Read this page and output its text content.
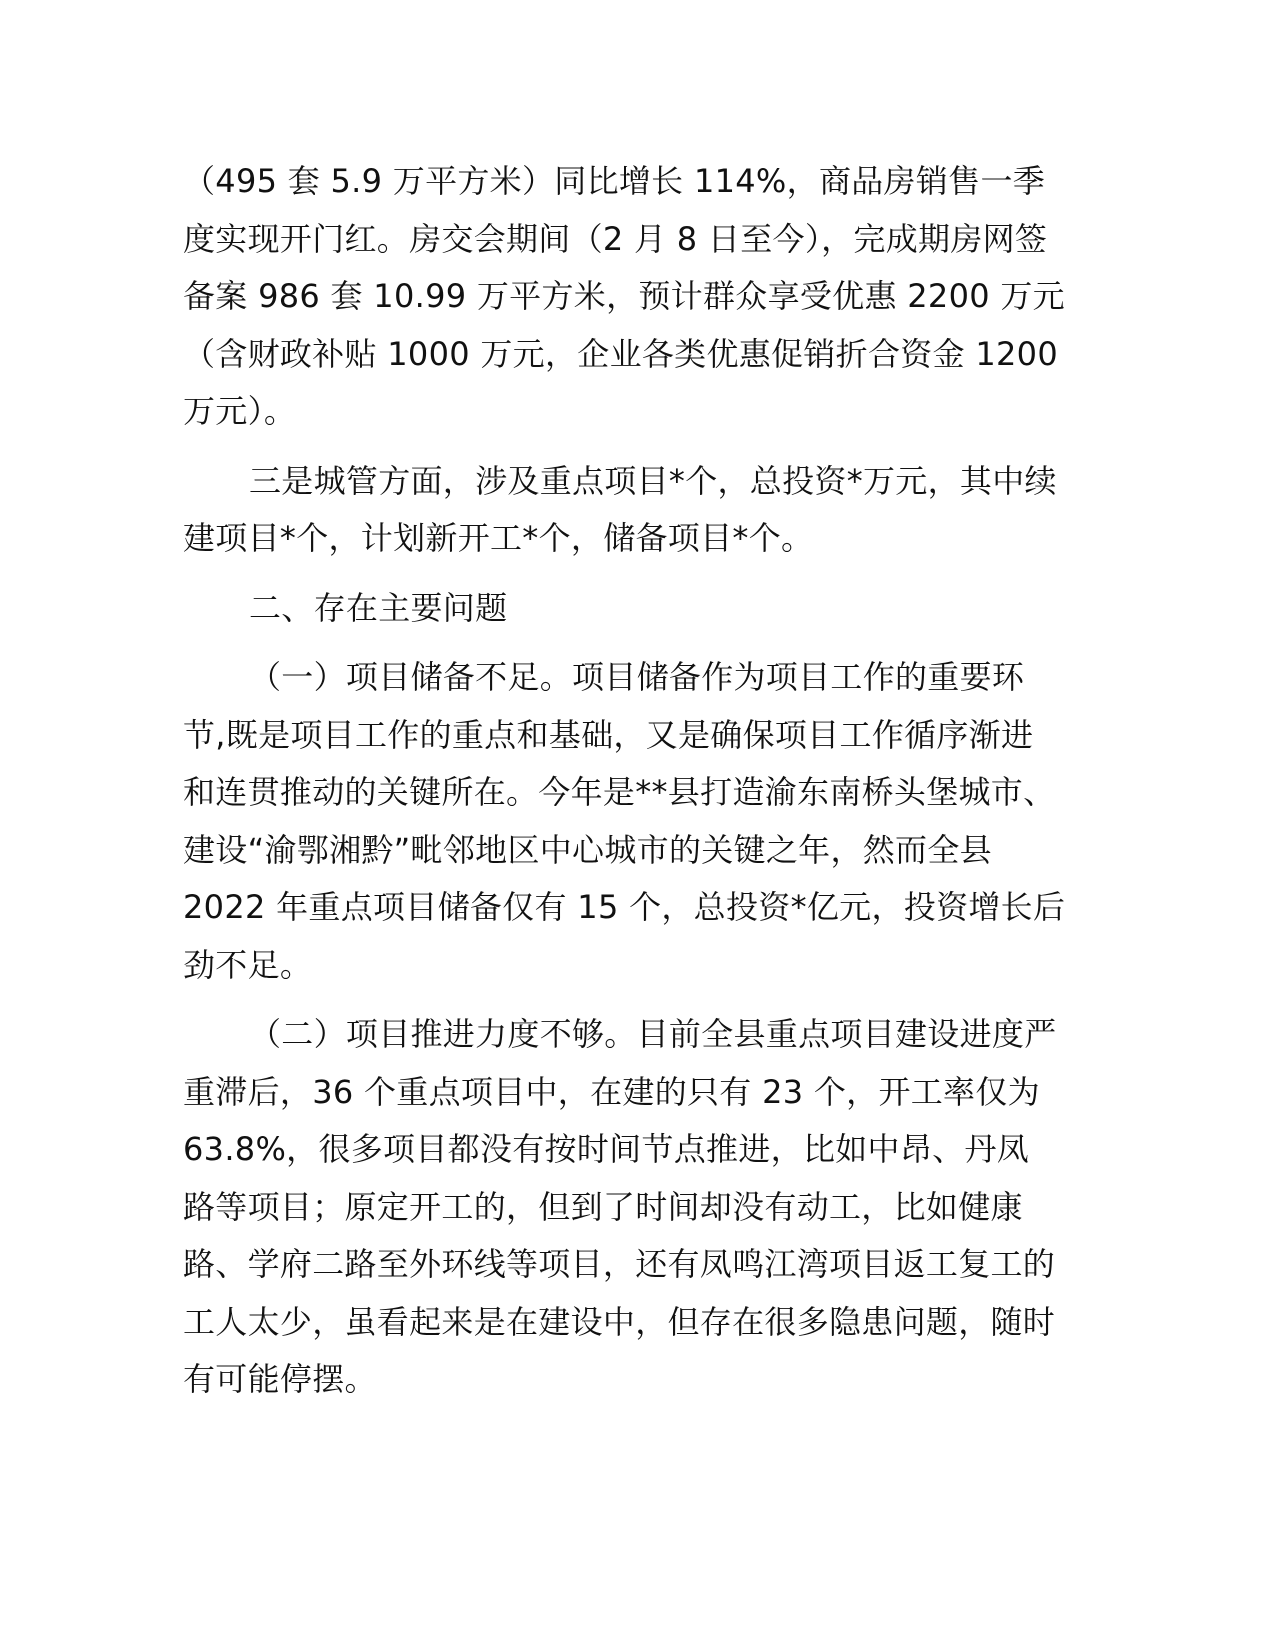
（495 套 5.9 万平方米）同比增长 114%，商品房销售一季
度实现开门红。房交会期间（2 月 8 日至今），完成期房网签
备案 986 套 10.99 万平方米，预计群众享受优惠 2200 万元
（含财政补贴 1000 万元，企业各类优惠促销折合资金 1200
万元）。

三是城管方面，涉及重点项目*个，总投资*万元，其中续
建项目*个，计划新开工*个，储备项目*个。

二、存在主要问题

（一）项目储备不足。项目储备作为项目工作的重要环
节,既是项目工作的重点和基础，又是确保项目工作循序渐进
和连贯推动的关键所在。今年是**县打造渝东南桥头堡城市、
建设“渝鄂湘黔”毗邻地区中心城市的关键之年，然而全县
2022 年重点项目储备仅有 15 个，总投资*亿元，投资增长后
劲不足。

（二）项目推进力度不够。目前全县重点项目建设进度严
重滞后，36 个重点项目中，在建的只有 23 个，开工率仅为
63.8%，很多项目都没有按时间节点推进，比如中昂、丹凤
路等项目；原定开工的，但到了时间却没有动工，比如健康
路、学府二路至外环线等项目，还有凤鸣江湾项目返工复工的
工人太少，虽看起来是在建设中，但存在很多隐患问题，随时
有可能停摆。
